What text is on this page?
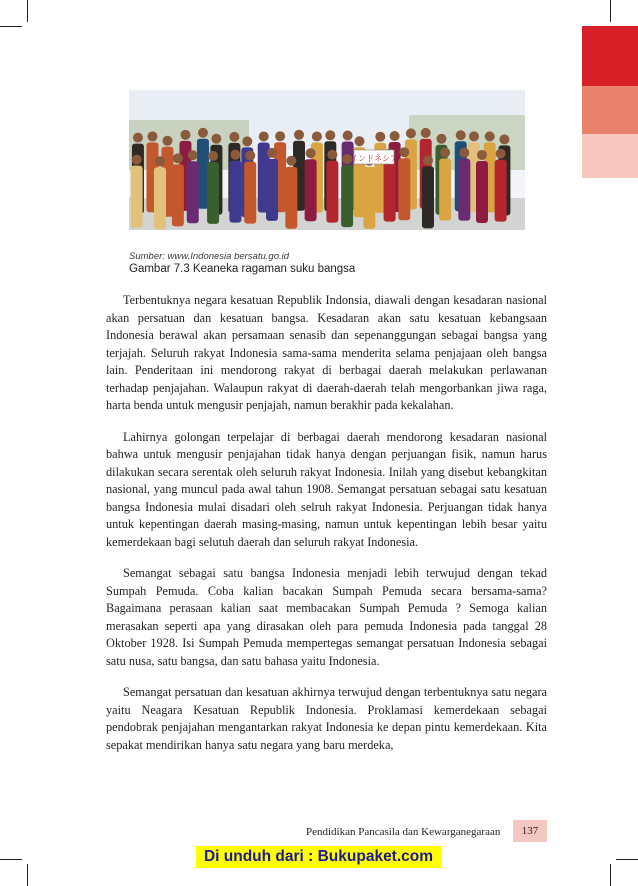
インドネシア
Sumber: www.Indonesia bersatu.go.id
Gambar 7.3 Keaneka ragaman suku bangsa

Terbentuknya negara kesatuan Republik Indonsia, diawali dengan kesadaran nasional akan persatuan dan kesatuan bangsa. Kesadaran akan satu kesatuan kebangsaan Indonesia berawal akan persamaan senasib dan sepenanggungan sebagai bangsa yang terjajah. Seluruh rakyat Indonesia sama-sama menderita selama penjajaan oleh bangsa lain. Penderitaan ini mendorong rakyat di berbagai daerah melakukan perlawanan terhadap penjajahan. Walaupun rakyat di daerah-daerah telah mengorbankan jiwa raga, harta benda untuk mengusir penjajah, namun berakhir pada kekalahan.

Lahirnya golongan terpelajar di berbagai daerah mendorong kesadaran nasional bahwa untuk mengusir penjajahan tidak hanya dengan perjuangan fisik, namun harus dilakukan secara serentak oleh seluruh rakyat Indonesia. Inilah yang disebut kebangkitan nasional, yang muncul pada awal tahun 1908. Semangat persatuan sebagai satu kesatuan bangsa Indonesia mulai disadari oleh selruh rakyat Indonesia. Perjuangan tidak hanya untuk kepentingan daerah masing-masing, namun untuk kepentingan lebih besar yaitu kemerdekaan bagi selutuh daerah dan seluruh rakyat Indonesia.

Semangat sebagai satu bangsa Indonesia menjadi lebih terwujud dengan tekad Sumpah Pemuda. Coba kalian bacakan Sumpah Pemuda secara bersama-sama? Bagaimana perasaan kalian saat membacakan Sumpah Pemuda ? Semoga kalian merasakan seperti apa yang dirasakan oleh para pemuda Indonesia pada tanggal 28 Oktober 1928. Isi Sumpah Pemuda mempertegas semangat persatuan Indonesia sebagai satu nusa, satu bangsa, dan satu bahasa yaitu Indonesia.

Semangat persatuan dan kesatuan akhirnya terwujud dengan terbentuknya satu negara yaitu Neagara Kesatuan Republik Indonesia. Proklamasi kemerdekaan sebagai pendobrak penjajahan mengantarkan rakyat Indonesia ke depan pintu kemerdekaan. Kita sepakat mendirikan hanya satu negara yang baru merdeka,

Pendidikan Pancasila dan Kewarganegaraan	137
Di unduh dari : Bukupaket.com
